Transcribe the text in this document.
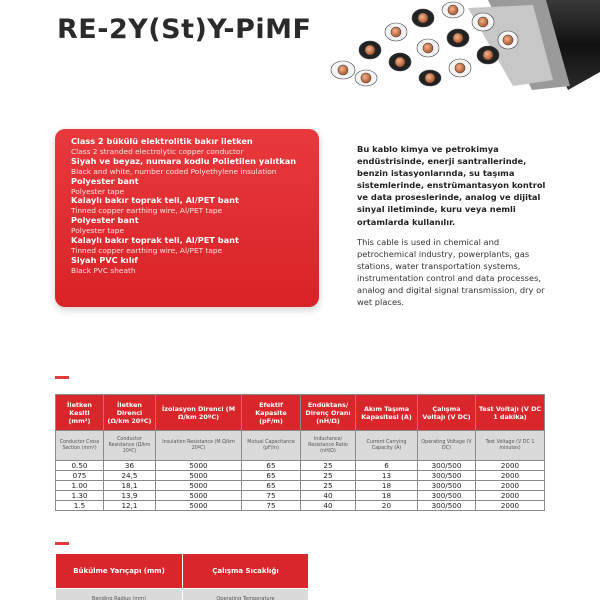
RE-2Y(St)Y-PiMF
Class 2 bükülü elektrolitik bakır iletken
Class 2 stranded electrolytic copper conductor
Siyah ve beyaz, numara kodlu Polietilen yalıtkan
Black and white, number coded Polyethylene insulation
Polyester bant
Polyester tape
Kalaylı bakır toprak teli, Al/PET bant
Tinned copper earthing wire, Al/PET tape
Polyester bant
Polyester tape
Kalaylı bakır toprak teli, Al/PET bant
Tinned copper earthing wire, Al/PET tape
Siyah PVC kılıf
Black PVC sheath

Bu kablo kimya ve petrokimya endüstrisinde, enerji santrallerinde, benzin istasyonlarında, su taşıma sistemlerinde, enstrümantasyon kontrol ve data proseslerinde, analog ve dijital sinyal iletiminde, kuru veya nemli ortamlarda kullanılır.

This cable is used in chemical and petrochemical industry, powerplants, gas stations, water transportation systems, instrumentation control and data processes, analog and digital signal transmission, dry or wet places.

İletken Kesiti (mm²)	İletken Direnci (Ω/km 20ºC)	İzolasyon Direnci (M Ω/km 20ºC)	Efektif Kapasite (pF/m)	Endüktans/ Direnç Oranı (nH/Ω)	Akım Taşıma Kapasitesi (A)	Çalışma Voltajı (V DC)	Test Voltajı (V DC 1 dakika)
Conductor Cross Section (mm²)	Conductor Resistance (Ω/km 20ºC)	Insulation Resistance (M Ω/km 20ºC)	Mutual Capacitance (pF/m)	Inductance/ Resistance Ratio (nH/Ω)	Current Carrying Capacity (A)	Operating Voltage (V DC)	Test Voltage (V DC 1 minutes)
0.50	36	5000	65	25	6	300/500	2000
075	24,5	5000	65	25	13	300/500	2000
1.00	18,1	5000	65	25	18	300/500	2000
1.30	13,9	5000	75	40	18	300/500	2000
1.5	12,1	5000	75	40	20	300/500	2000
Bükülme Yarıçapı (mm)	Çalışma Sıcaklığı
Bending Radius (mm)	Operating Temperature
